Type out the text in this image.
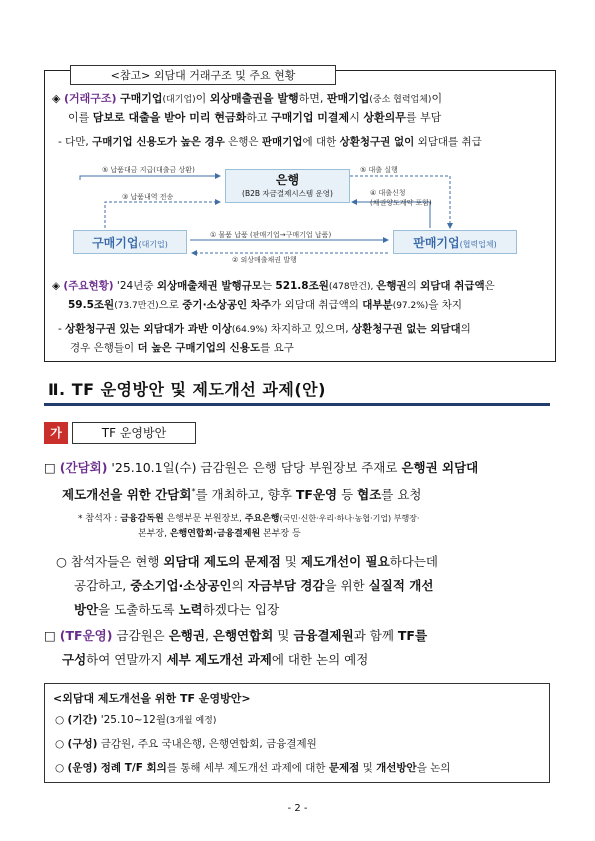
<참고> 외담대 거래구조 및 주요 현황
◈ (거래구조) 구매기업(대기업)이 외상매출권을 발행하면, 판매기업(중소 협력업체)이
이를 담보로 대출을 받아 미리 현금화하고 구매기업 미결제시 상환의무를 부담
- 다만, 구매기업 신용도가 높은 경우 은행은 판매기업에 대한 상환청구권 없이 외담대를 취급
은행
(B2B 자금결제시스템 운영)
구매기업(대기업)	판매기업(협력업체)
⑤ 납품대금 지급(대출금 상환)
③ 납품내역 전송
⑤ 대출 실행
④ 대출신청
(채권양도계약 포함)
① 물품 납품 (판매기업→구매기업 납품)
② 외상매출채권 발행
◈ (주요현황) '24년중 외상매출채권 발행규모는 521.8조원(478만건), 은행권의 외담대 취급액은
59.5조원(73.7만건)으로 중기·소상공인 차주가 외담대 취급액의 대부분(97.2%)을 차지
- 상환청구권 있는 외담대가 과반 이상(64.9%) 차지하고 있으며, 상환청구권 없는 외담대의
경우 은행들이 더 높은 구매기업의 신용도를 요구
Ⅱ. TF 운영방안 및 제도개선 과제(안)
가	TF 운영방안
□ (간담회) '25.10.1일(수) 금감원은 은행 담당 부원장보 주재로 은행권 외담대
제도개선을 위한 간담회*를 개최하고, 향후 TF운영 등 협조를 요청
* 참석자 : 금융감독원 은행부문 부원장보, 주요은행(국민·신한·우리·하나·농협·기업) 부행장·
본부장, 은행연합회·금융결제원 본부장 등
○ 참석자들은 현행 외담대 제도의 문제점 및 제도개선이 필요하다는데
공감하고, 중소기업·소상공인의 자금부담 경감을 위한 실질적 개선
방안을 도출하도록 노력하겠다는 입장
□ (TF운영) 금감원은 은행권, 은행연합회 및 금융결제원과 함께 TF를
구성하여 연말까지 세부 제도개선 과제에 대한 논의 예정
<외담대 제도개선을 위한 TF 운영방안>
○ (기간) '25.10~12월(3개월 예정)
○ (구성) 금감원, 주요 국내은행, 은행연합회, 금융결제원
○ (운영) 정례 T/F 회의를 통해 세부 제도개선 과제에 대한 문제점 및 개선방안을 논의
- 2 -
